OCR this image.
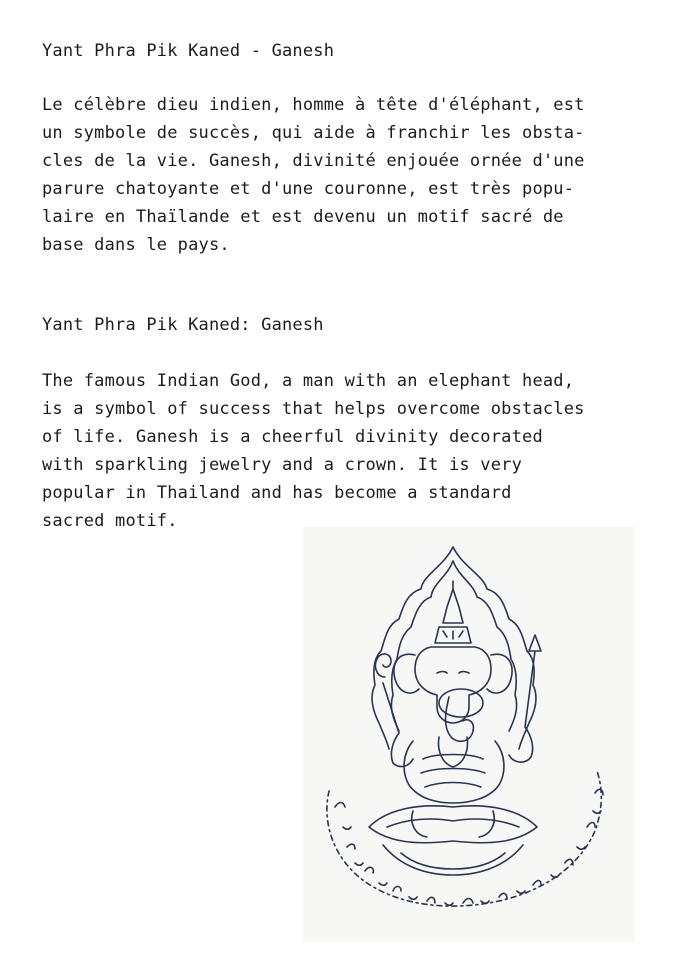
Yant Phra Pik Kaned - Ganesh
Le célèbre dieu indien, homme à tête d'éléphant, est
un symbole de succès, qui aide à franchir les obsta-
cles de la vie. Ganesh, divinité enjouée ornée d'une
parure chatoyante et d'une couronne, est très popu-
laire en Thaïlande et est devenu un motif sacré de
base dans le pays.
Yant Phra Pik Kaned: Ganesh
The famous Indian God, a man with an elephant head,
is a symbol of success that helps overcome obstacles
of life. Ganesh is a cheerful divinity decorated
with sparkling jewelry and a crown. It is very
popular in Thailand and has become a standard
sacred motif.
